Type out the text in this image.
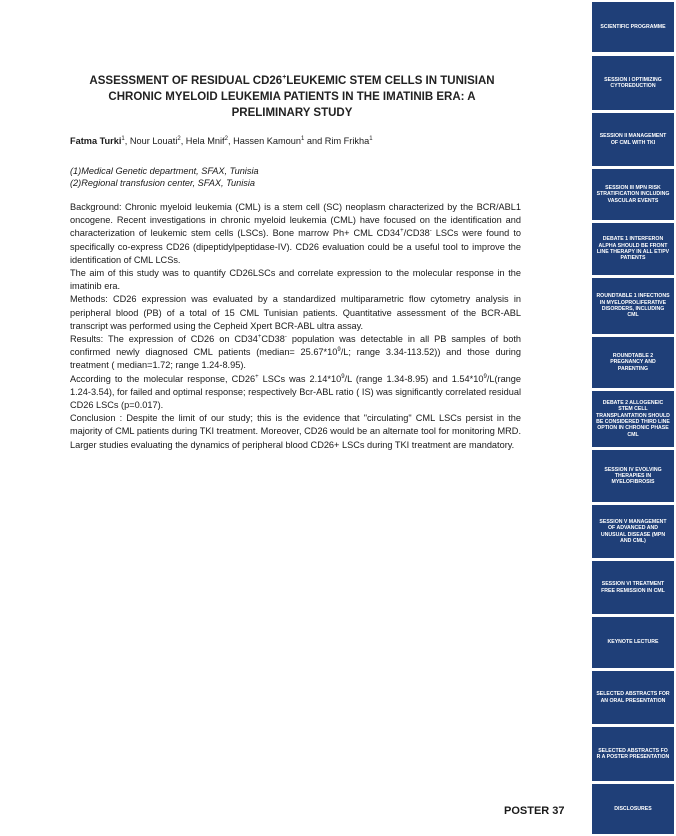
ASSESSMENT OF RESIDUAL CD26+LEUKEMIC STEM CELLS IN TUNISIAN
CHRONIC MYELOID LEUKEMIA PATIENTS IN THE IMATINIB ERA: A
PRELIMINARY STUDY
Fatma Turki$^1$, Nour Louati$^2$, Hela Mnif$^2$, Hassen Kamoun$^1$ and Rim Frikha$^1$
(1)Medical Genetic department, SFAX, Tunisia
(2)Regional transfusion center, SFAX, Tunisia

Background: Chronic myeloid leukemia (CML) is a stem cell (SC) neoplasm characterized by the BCR/ABL1 oncogene. Recent investigations in chronic myeloid leukemia (CML) have focused on the identification and characterization of leukemic stem cells (LSCs). Bone marrow Ph+ CML CD34+/CD38- LSCs were found to specifically co-express CD26 (dipeptidylpeptidase-IV). CD26 evaluation could be a useful tool to improve the identification of CML LCSs.

The aim of this study was to quantify CD26LSCs and correlate expression to the molecular response in the imatinib era.

Methods: CD26 expression was evaluated by a standardized multiparametric flow cytometry analysis in peripheral blood (PB) of a total of 15 CML Tunisian patients. Quantitative assessment of the BCR-ABL transcript was performed using the Cepheid Xpert BCR-ABL ultra assay.

Results: The expression of CD26 on CD34+CD38- population was detectable in all PB samples of both confirmed newly diagnosed CML patients (median= $25.67*10^9/L$; range 3.34-113.52)) and those during treatment ( median=1.72; range 1.24-8.95).

According to the molecular response, CD26+ LSCs was $2.14*10^9/L$ (range 1.34-8.95) and $1.54*10^9/L(range$ 1.24-3.54), for failed and optimal response; respectively Bcr-ABL ratio ( IS) was significantly correlated residual CD26 LSCs (p=0.017).

Conclusion : Despite the limit of our study; this is the evidence that "circulating" CML LSCs persist in the majority of CML patients during TKI treatment. Moreover, CD26 would be an alternate tool for monitoring MRD. Larger studies evaluating the dynamics of peripheral blood CD26+ LSCs during TKI treatment are mandatory.

POSTER 37
SCIENTIFIC PROGRAMME
SESSION I OPTIMIZING CYTOREDUCTION
SESSION II MANAGEMENT OF CML WITH TKI
SESSION III MPN RISK STRATIFICATION INCLUDING VASCULAR EVENTS
DEBATE 1 INTERFERON ALPHA SHOULD BE FRONT LINE THERAPY IN ALL ET/PV PATIENTS
ROUNDTABLE 1 INFECTIONS IN MYELOPROLIFERATIVE DISORDERS, INCLUDING CML
ROUNDTABLE 2 PREGNANCY AND PARENTING
DEBATE 2 ALLOGENEIC STEM CELL TRANSPLANTATION SHOULD BE CONSIDERED THIRD LINE OPTION IN CHRONIC PHASE CML
SESSION IV EVOLVING THERAPIES IN MYELOFIBROSIS
SESSION V MANAGEMENT OF ADVANCED AND UNUSUAL DISEASE (MPN AND CML)
SESSION VI TREATMENT FREE REMISSION IN CML
KEYNOTE LECTURE
SELECTED ABSTRACTS FOR AN ORAL PRESENTATION
SELECTED ABSTRACTS FO R A POSTER PRESENTATION
DISCLOSURES
